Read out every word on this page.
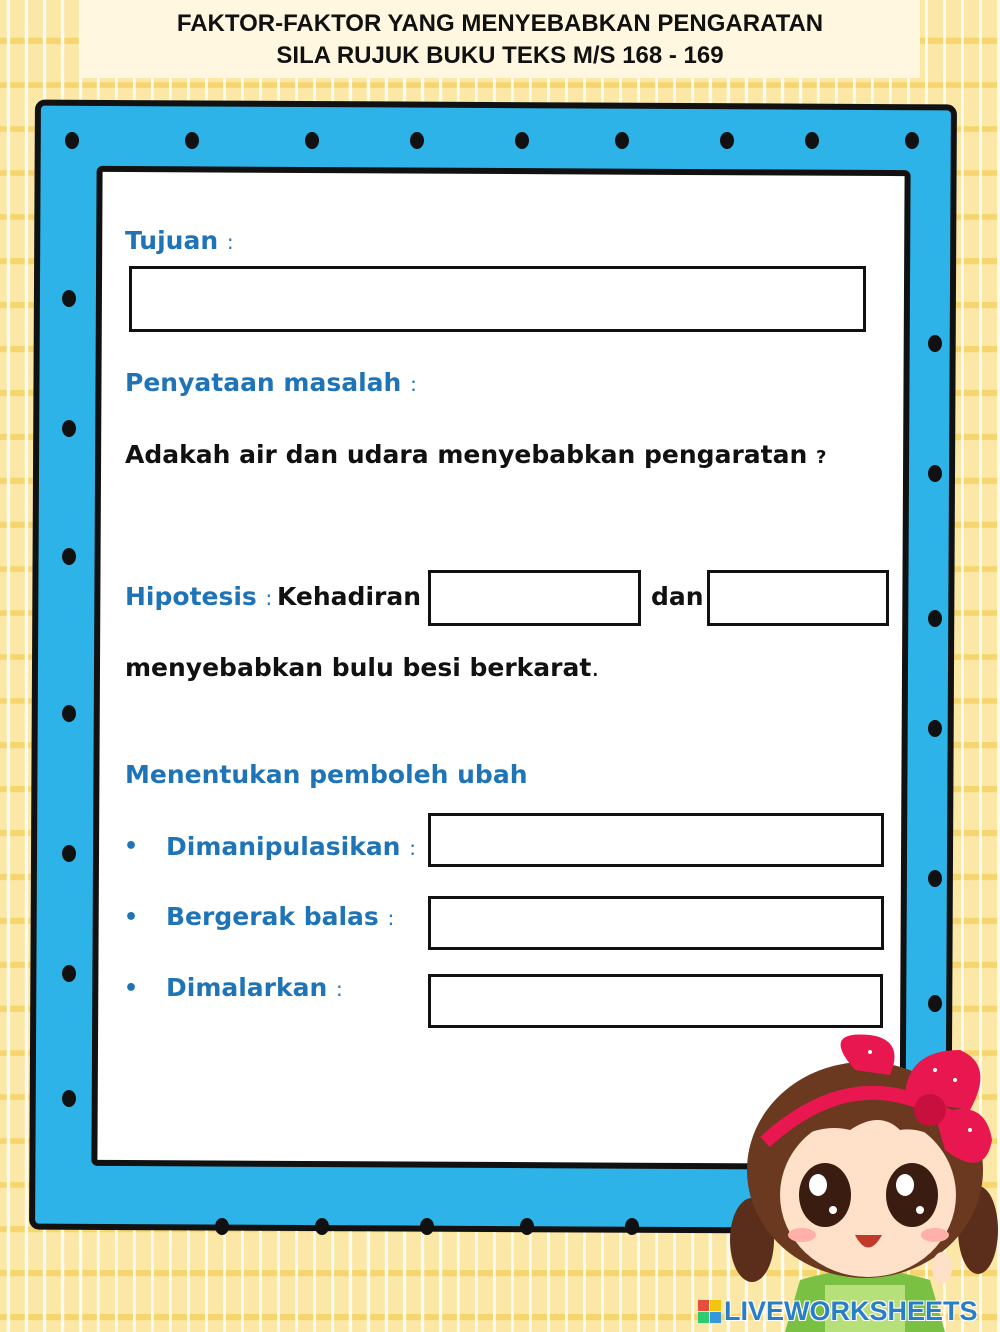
FAKTOR-FAKTOR YANG MENYEBABKAN PENGARATAN
SILA RUJUK BUKU TEKS M/S 168 - 169
Tujuan :
Penyataan masalah :
Adakah air dan udara menyebabkan pengaratan ?
Hipotesis : Kehadiran	dan
menyebabkan bulu besi berkarat.
Menentukan pemboleh ubah
• Dimanipulasikan :
• Bergerak balas :
• Dimalarkan :
LIVEWORKSHEETS
